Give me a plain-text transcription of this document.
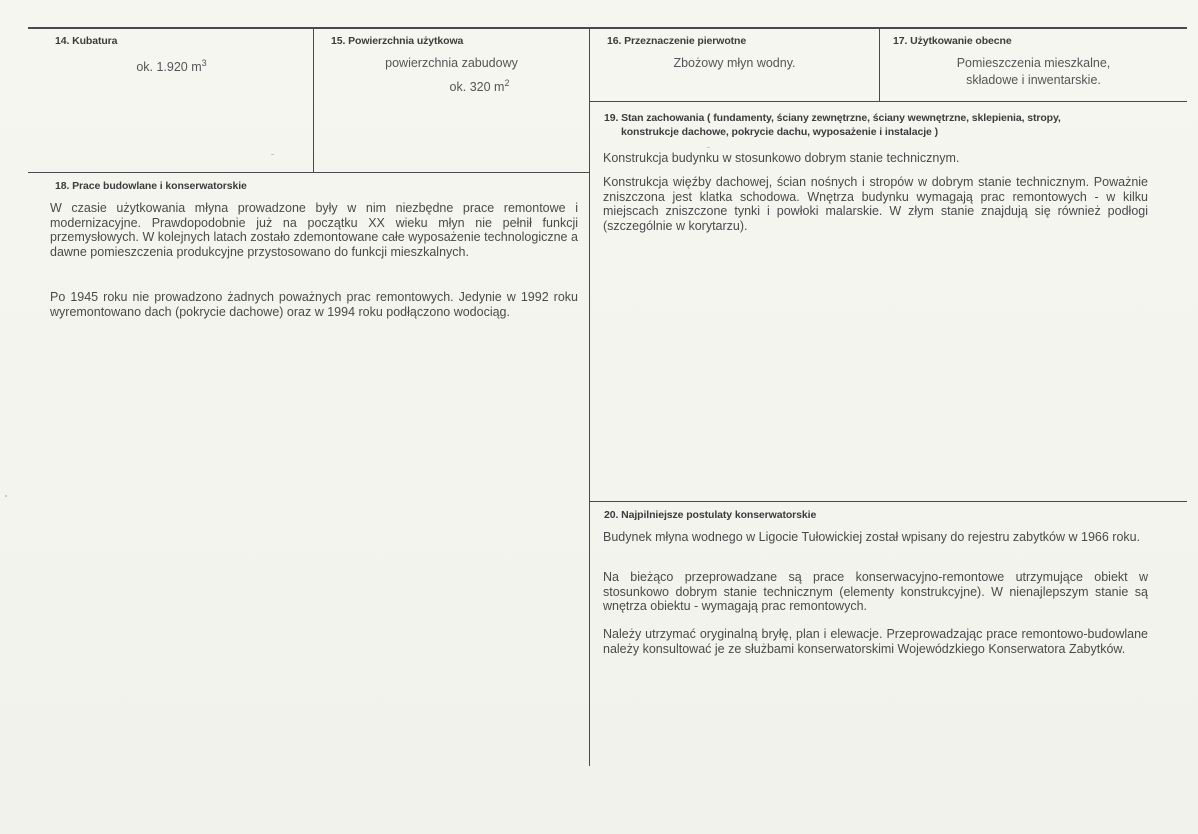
14. Kubatura
ok. 1.920 $m^3$
15. Powierzchnia użytkowa
powierzchnia zabudowy
ok. 320 $m^2$
16. Przeznaczenie pierwotne
Zbożowy młyn wodny.
17. Użytkowanie obecne
Pomieszczenia mieszkalne,
składowe i inwentarskie.
18. Prace budowlane i konserwatorskie

W czasie użytkowania młyna prowadzone były w nim niezbędne prace remontowe i modernizacyjne. Prawdopodobnie już na początku XX wieku młyn nie pełnił funkcji przemysłowych. W kolejnych latach zostało zdemontowane całe wyposażenie technologiczne a dawne pomieszczenia produkcyjne przystosowano do funkcji mieszkalnych.

Po 1945 roku nie prowadzono żadnych poważnych prac remontowych. Jedynie w 1992 roku wyremontowano dach (pokrycie dachowe) oraz w 1994 roku podłączono wodociąg.

19. Stan zachowania ( fundamenty, ściany zewnętrzne, ściany wewnętrzne, sklepienia, stropy,
konstrukcje dachowe, pokrycie dachu, wyposażenie i instalacje )

Konstrukcja budynku w stosunkowo dobrym stanie technicznym.

Konstrukcja więźby dachowej, ścian nośnych i stropów w dobrym stanie technicznym. Poważnie zniszczona jest klatka schodowa. Wnętrza budynku wymagają prac remontowych - w kilku miejscach zniszczone tynki i powłoki malarskie. W złym stanie znajdują się również podłogi (szczególnie w korytarzu).

20. Najpilniejsze postulaty konserwatorskie

Budynek młyna wodnego w Ligocie Tułowickiej został wpisany do rejestru zabytków w 1966 roku.

Na bieżąco przeprowadzane są prace konserwacyjno-remontowe utrzymujące obiekt w stosunkowo dobrym stanie technicznym (elementy konstrukcyjne). W nienajlepszym stanie są wnętrza obiektu - wymagają prac remontowych.

Należy utrzymać oryginalną bryłę, plan i elewacje. Przeprowadzając prace remontowo-budowlane należy konsultować je ze służbami konserwatorskimi Wojewódzkiego Konserwatora Zabytków.
